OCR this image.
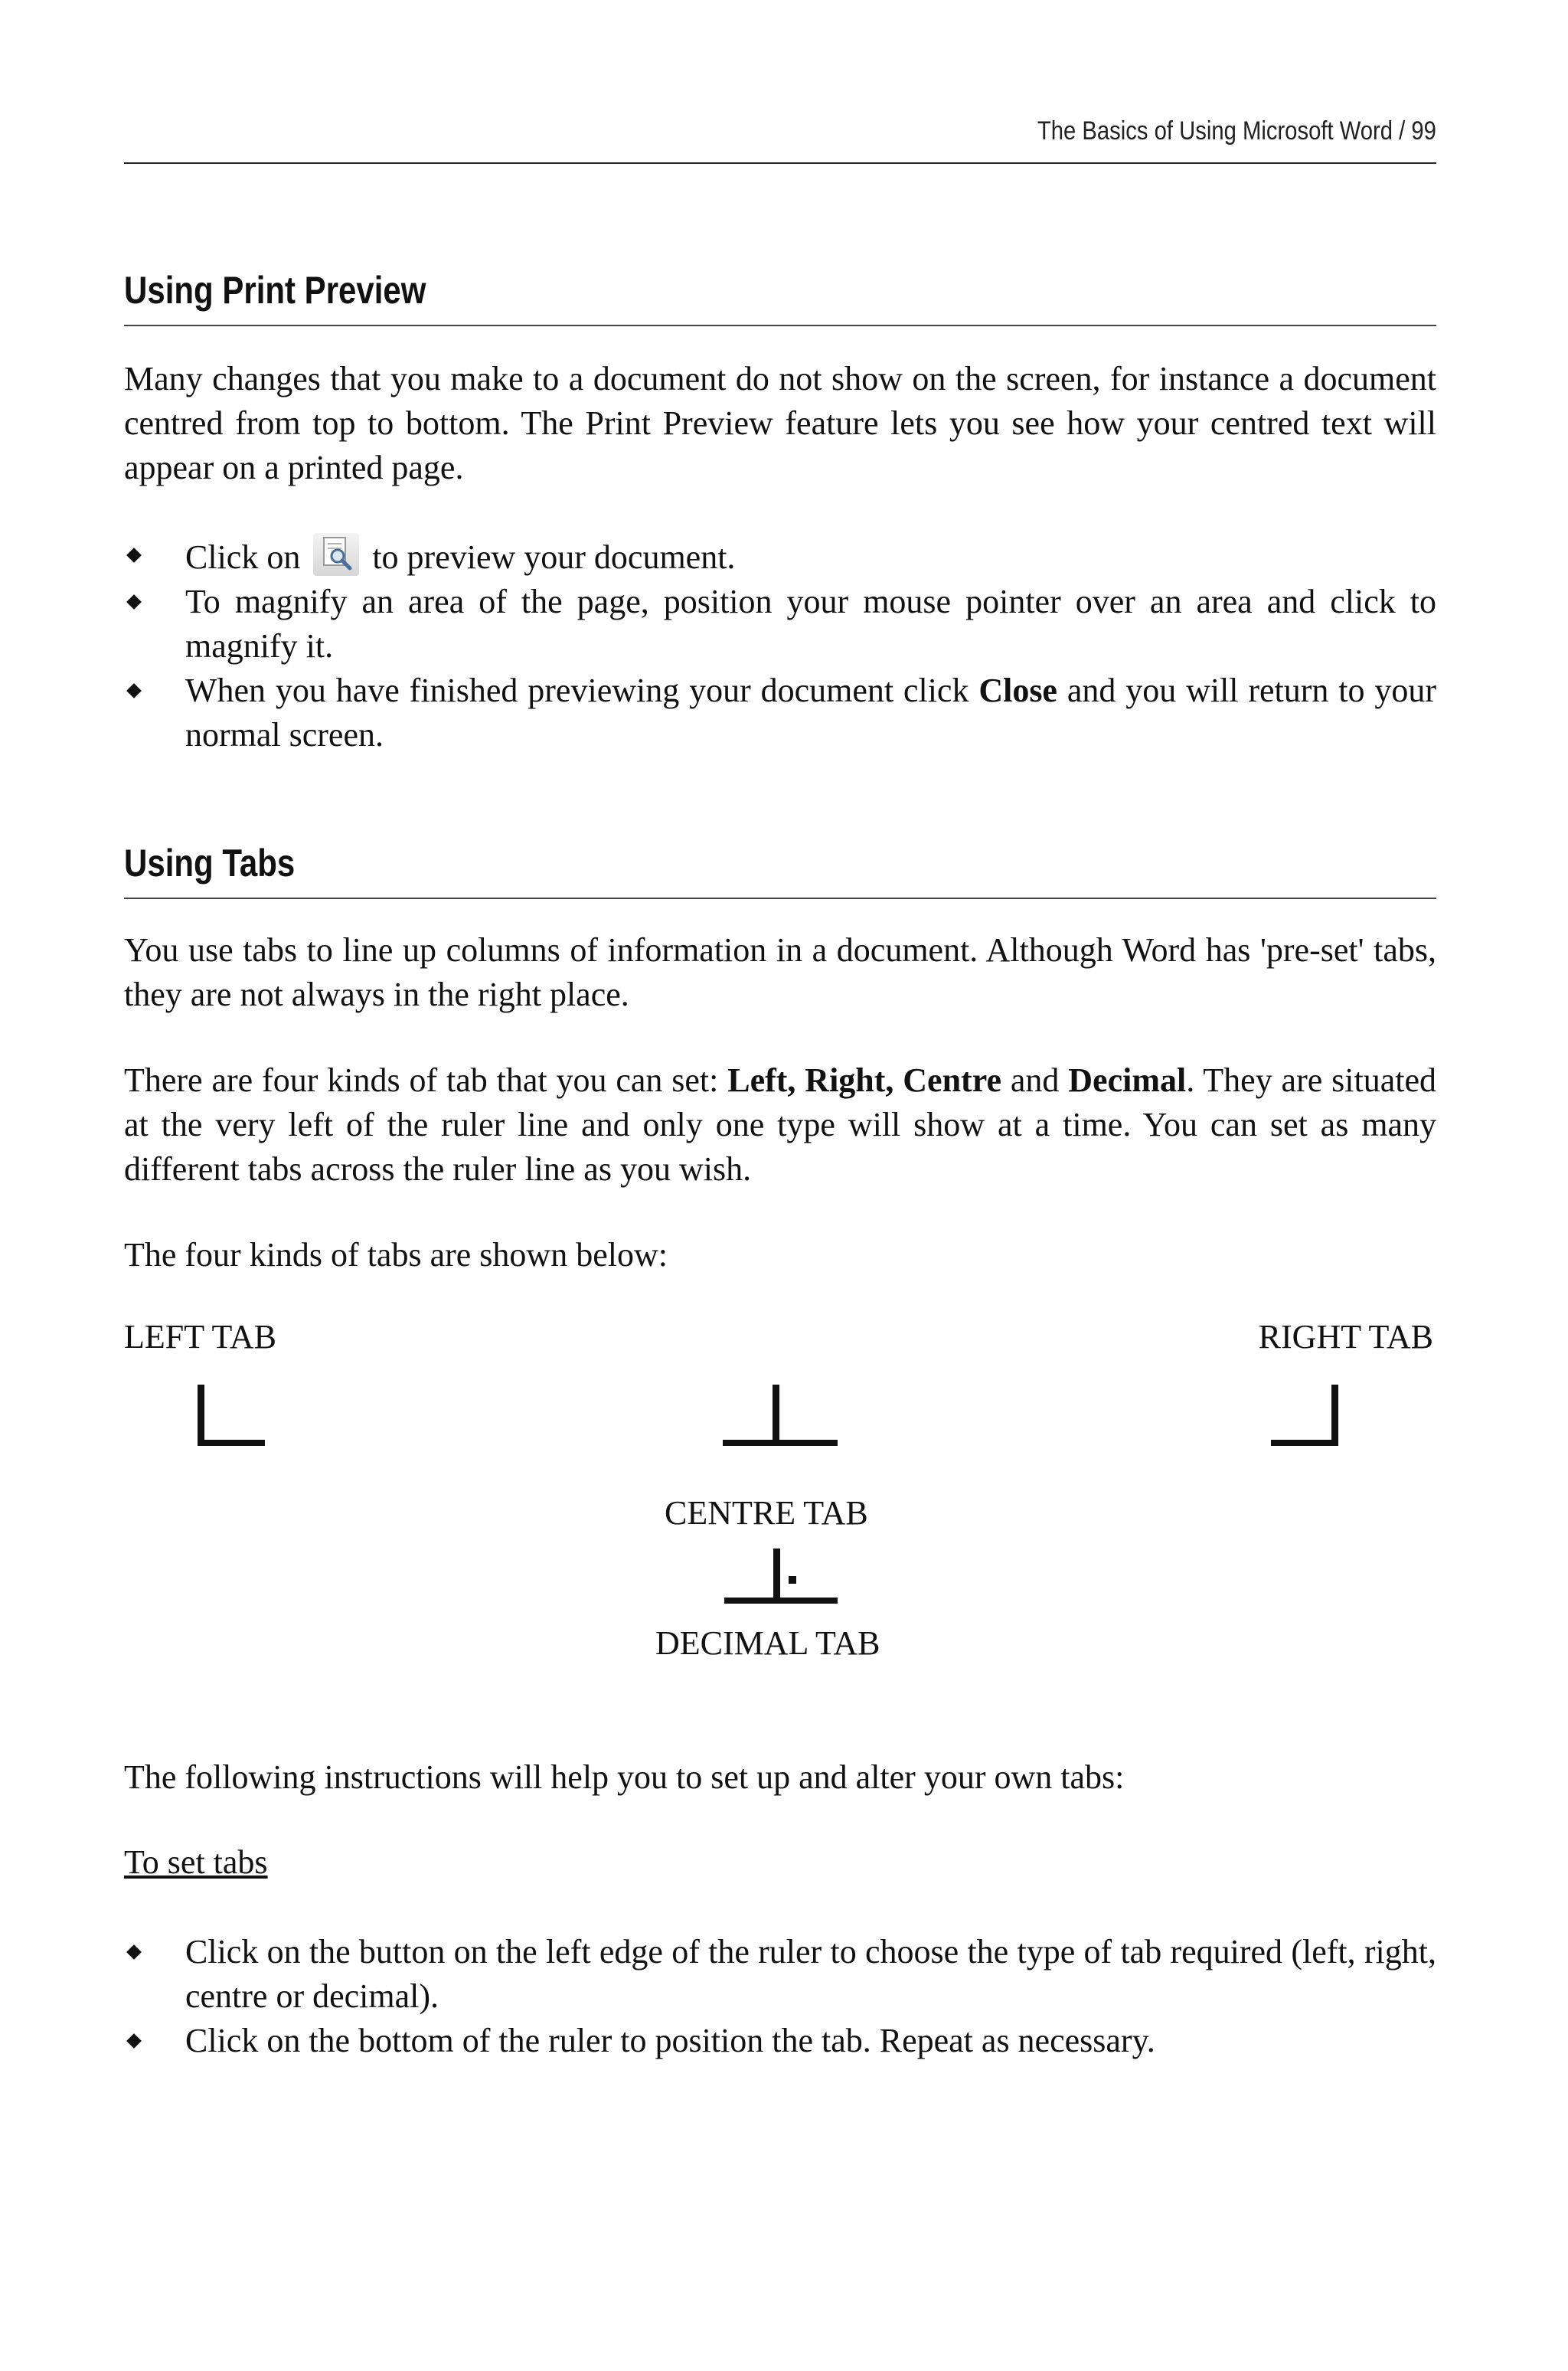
The Basics of Using Microsoft Word / 99
Using Print Preview
Many changes that you make to a document do not show on the screen, for instance a document centred from top to bottom. The Print Preview feature lets you see how your centred text will appear on a printed page.
Click on to preview your document.
To magnify an area of the page, position your mouse pointer over an area and click to magnify it.
When you have finished previewing your document click Close and you will return to your normal screen.
Using Tabs
You use tabs to line up columns of information in a document. Although Word has 'pre-set' tabs, they are not always in the right place.
There are four kinds of tab that you can set: Left, Right, Centre and Decimal. They are situated at the very left of the ruler line and only one type will show at a time. You can set as many different tabs across the ruler line as you wish.
The four kinds of tabs are shown below:
LEFT TAB	RIGHT TAB
CENTRE TAB
DECIMAL TAB
The following instructions will help you to set up and alter your own tabs:
To set tabs
Click on the button on the left edge of the ruler to choose the type of tab required (left, right, centre or decimal).
Click on the bottom of the ruler to position the tab. Repeat as necessary.
